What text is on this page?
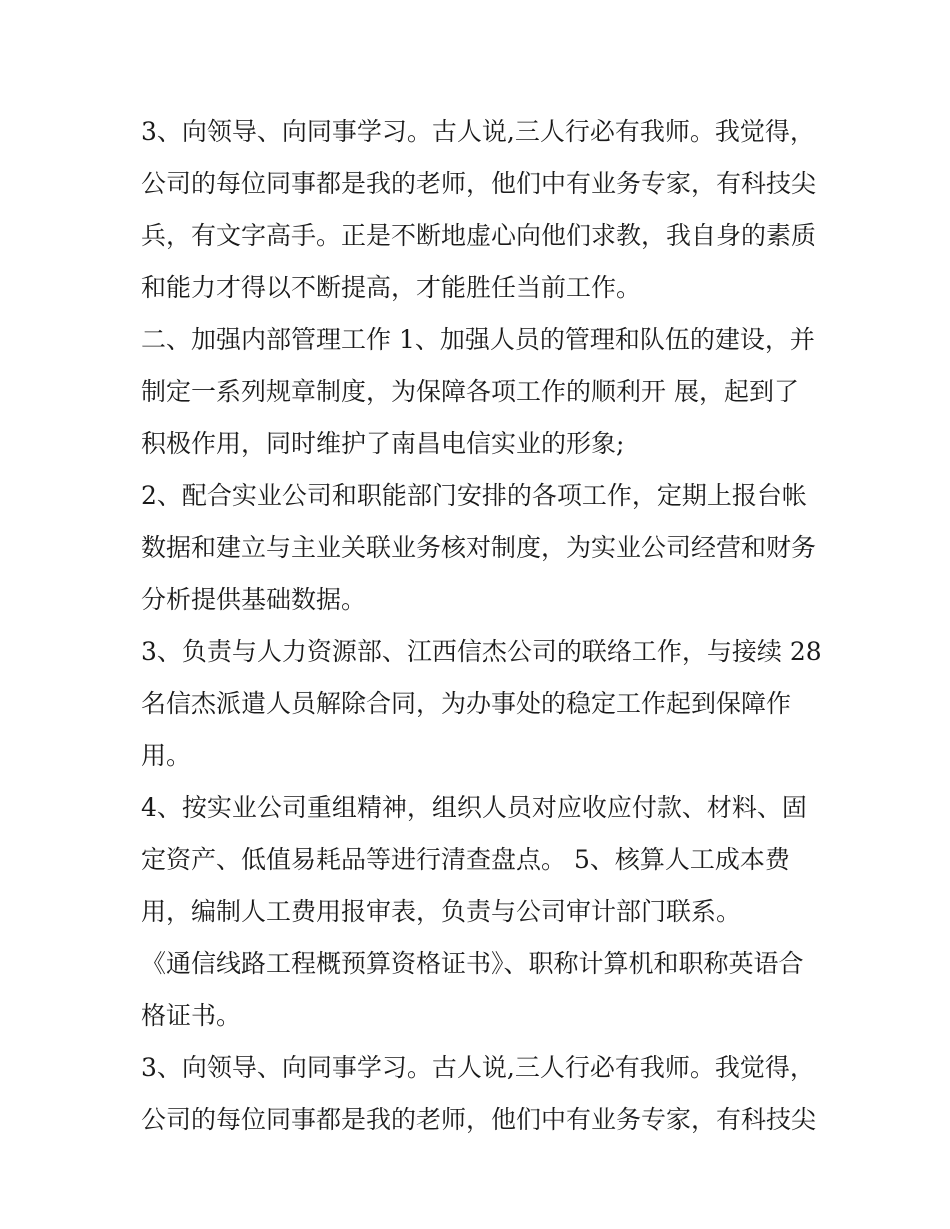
3、向领导、向同事学习。古人说,三人行必有我师。我觉得，
公司的每位同事都是我的老师，他们中有业务专家，有科技尖
兵，有文字高手。正是不断地虚心向他们求教，我自身的素质
和能力才得以不断提高，才能胜任当前工作。
二、加强内部管理工作 1、加强人员的管理和队伍的建设，并
制定一系列规章制度，为保障各项工作的顺利开 展，起到了
积极作用，同时维护了南昌电信实业的形象;
2、配合实业公司和职能部门安排的各项工作，定期上报台帐
数据和建立与主业关联业务核对制度，为实业公司经营和财务
分析提供基础数据。
3、负责与人力资源部、江西信杰公司的联络工作，与接续 28
名信杰派遣人员解除合同，为办事处的稳定工作起到保障作
用。
4、按实业公司重组精神，组织人员对应收应付款、材料、固
定资产、低值易耗品等进行清查盘点。 5、核算人工成本费
用，编制人工费用报审表，负责与公司审计部门联系。
《通信线路工程概预算资格证书》、职称计算机和职称英语合
格证书。
3、向领导、向同事学习。古人说,三人行必有我师。我觉得，
公司的每位同事都是我的老师，他们中有业务专家，有科技尖
